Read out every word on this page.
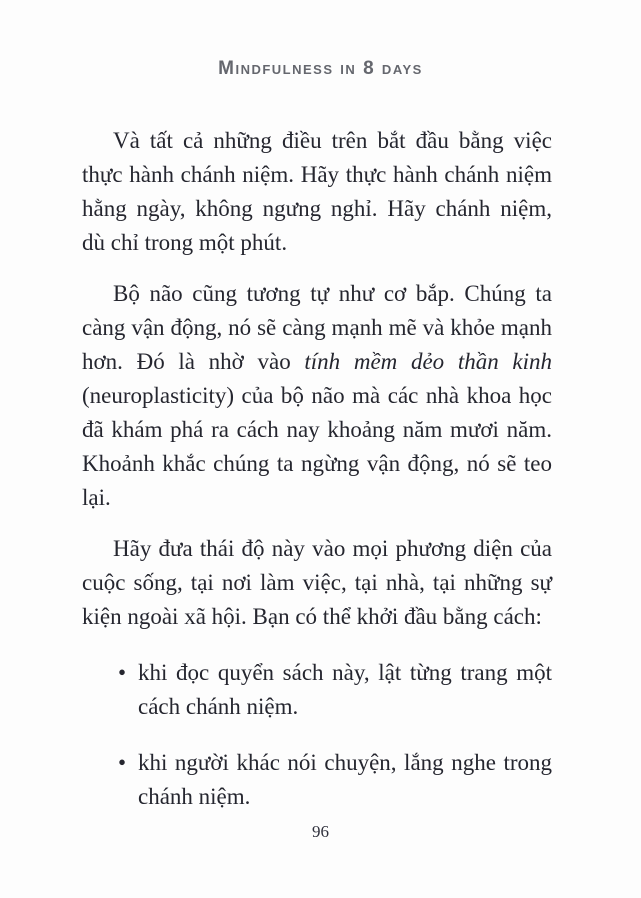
Mindfulness in 8 days

Và tất cả những điều trên bắt đầu bằng việc thực hành chánh niệm. Hãy thực hành chánh niệm hằng ngày, không ngưng nghỉ. Hãy chánh niệm, dù chỉ trong một phút.

Bộ não cũng tương tự như cơ bắp. Chúng ta càng vận động, nó sẽ càng mạnh mẽ và khỏe mạnh hơn. Đó là nhờ vào tính mềm dẻo thần kinh (neuroplasticity) của bộ não mà các nhà khoa học đã khám phá ra cách nay khoảng năm mươi năm. Khoảnh khắc chúng ta ngừng vận động, nó sẽ teo lại.

Hãy đưa thái độ này vào mọi phương diện của cuộc sống, tại nơi làm việc, tại nhà, tại những sự kiện ngoài xã hội. Bạn có thể khởi đầu bằng cách:

• khi đọc quyển sách này, lật từng trang một cách chánh niệm.
• khi người khác nói chuyện, lắng nghe trong chánh niệm.
96
